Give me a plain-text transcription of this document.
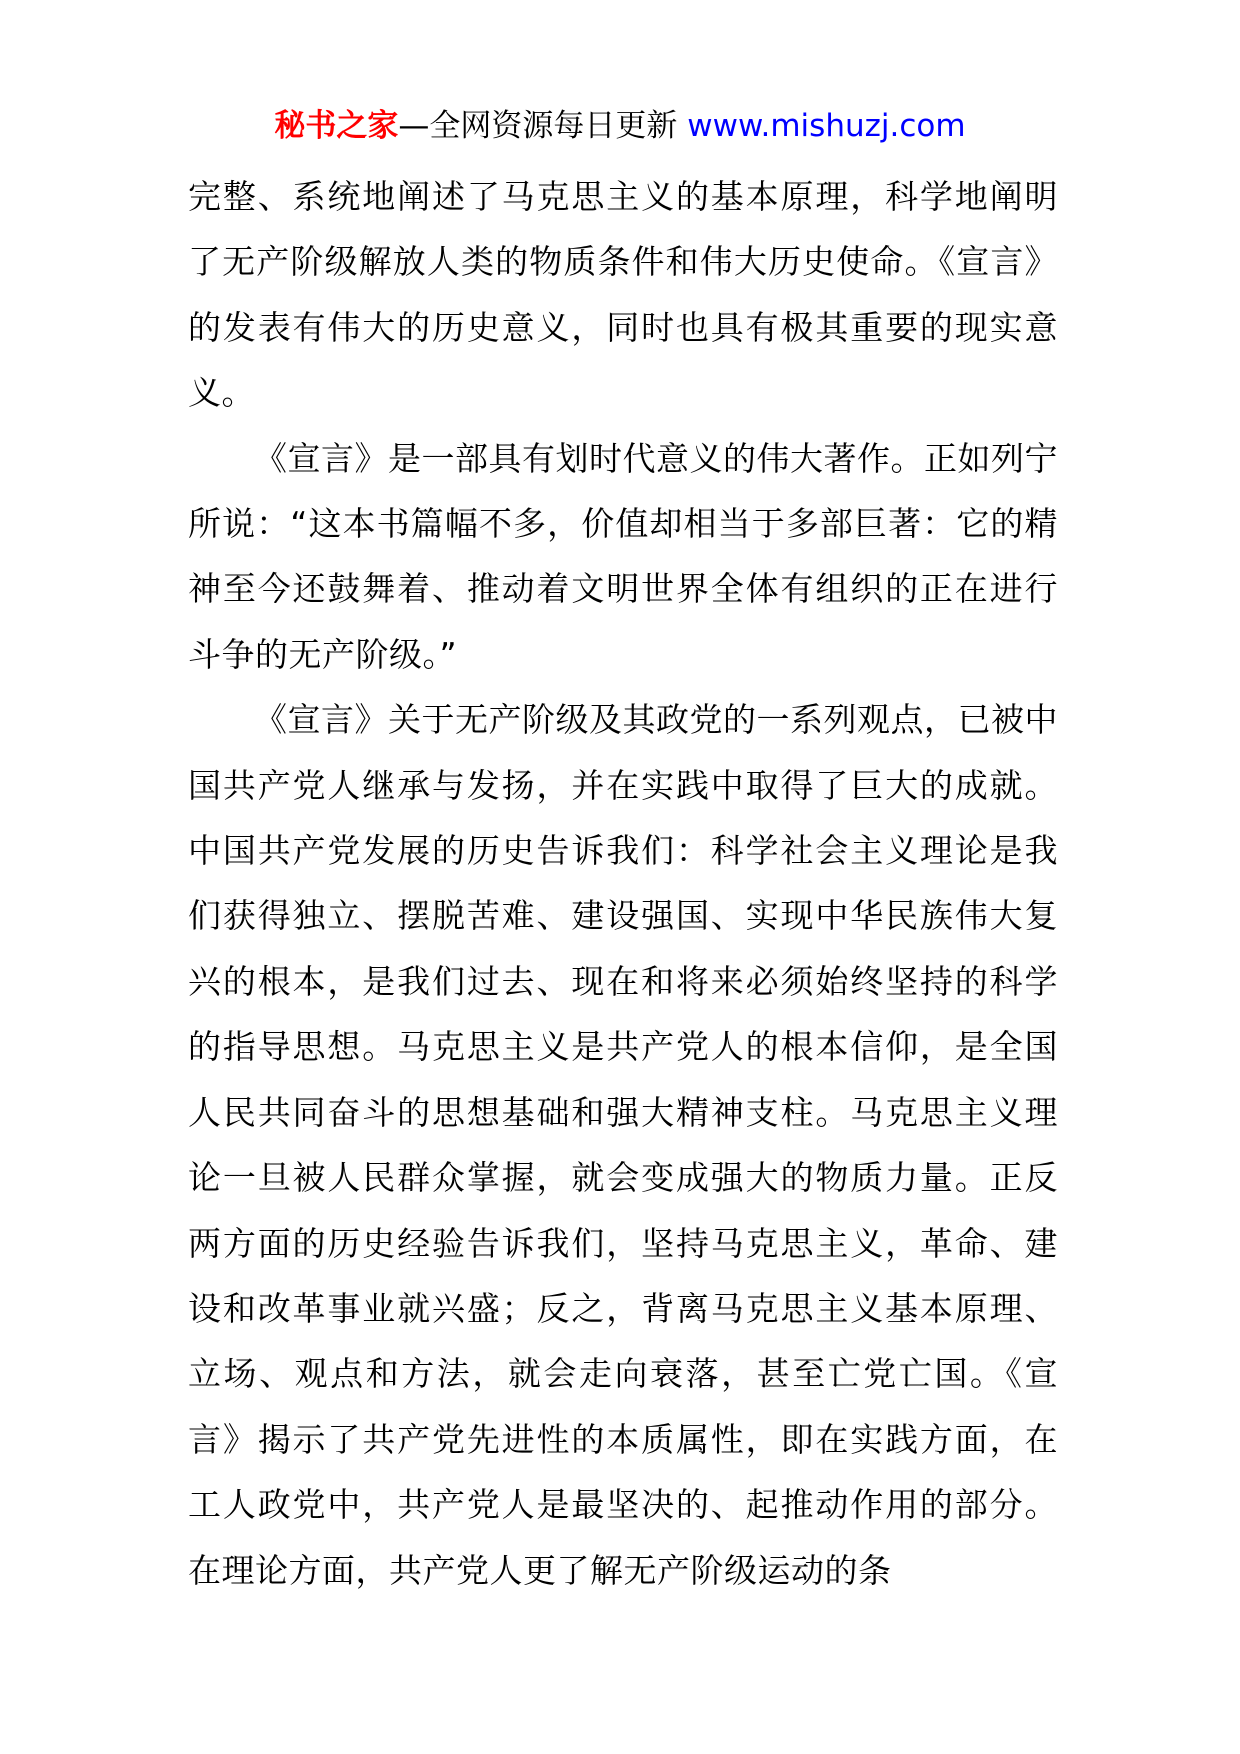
秘书之家—全网资源每日更新 www.mishuzj.com

完整、系统地阐述了马克思主义的基本原理，科学地阐明了无产阶级解放人类的物质条件和伟大历史使命。《宣言》的发表有伟大的历史意义，同时也具有极其重要的现实意义。

《宣言》是一部具有划时代意义的伟大著作。正如列宁所说：“这本书篇幅不多，价值却相当于多部巨著：它的精神至今还鼓舞着、推动着文明世界全体有组织的正在进行斗争的无产阶级。”

《宣言》关于无产阶级及其政党的一系列观点，已被中国共产党人继承与发扬，并在实践中取得了巨大的成就。中国共产党发展的历史告诉我们：科学社会主义理论是我们获得独立、摆脱苦难、建设强国、实现中华民族伟大复兴的根本，是我们过去、现在和将来必须始终坚持的科学的指导思想。马克思主义是共产党人的根本信仰，是全国人民共同奋斗的思想基础和强大精神支柱。马克思主义理论一旦被人民群众掌握，就会变成强大的物质力量。正反两方面的历史经验告诉我们，坚持马克思主义，革命、建设和改革事业就兴盛；反之，背离马克思主义基本原理、立场、观点和方法，就会走向衰落，甚至亡党亡国。《宣言》揭示了共产党先进性的本质属性，即在实践方面，在工人政党中，共产党人是最坚决的、起推动作用的部分。在理论方面，共产党人更了解无产阶级运动的条
